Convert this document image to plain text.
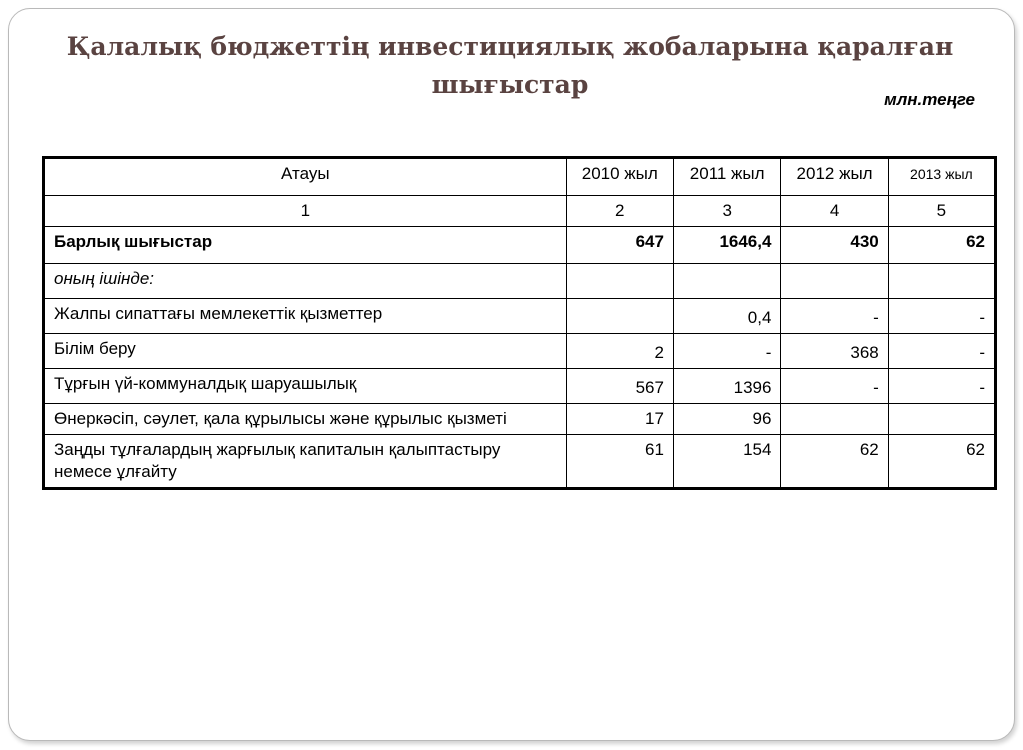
Қалалық бюджеттің инвестициялық жобаларына қаралған шығыстар
млн.теңге
Атауы	2010 жыл	2011 жыл	2012 жыл	2013 жыл
1	2	3	4	5
Барлық шығыстар	647	1646,4	430	62
оның ішінде:				
Жалпы сипаттағы мемлекеттік қызметтер		0,4	-	-
Білім беру	2	-	368	-
Тұрғын үй-коммуналдық шаруашылық	567	1396	-	-
Өнеркәсіп, сәулет, қала құрылысы және құрылыс қызметі	17	96		
Заңды тұлғалардың жарғылық капиталын қалыптастыру немесе ұлғайту	61	154	62	62
